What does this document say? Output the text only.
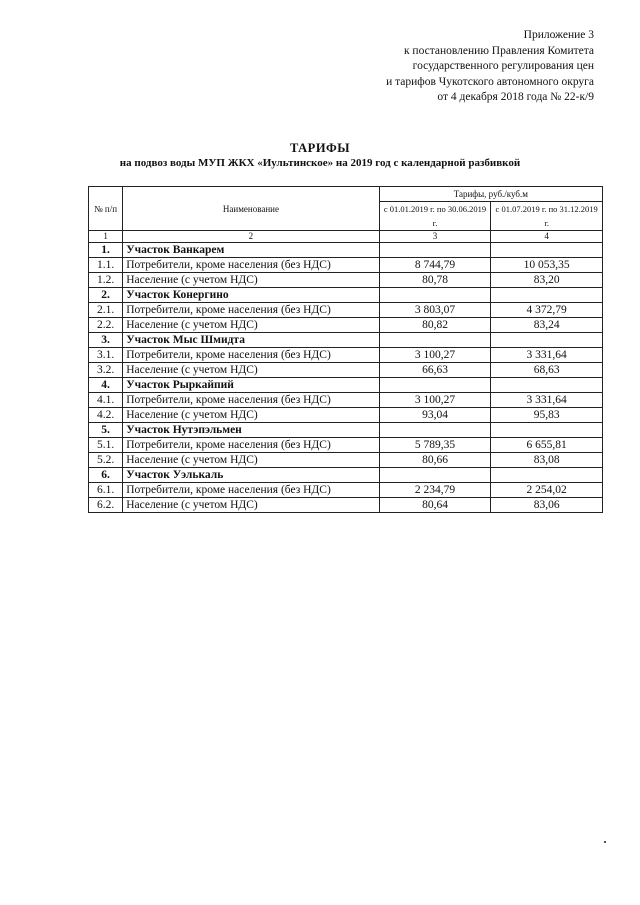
Приложение 3
к постановлению Правления Комитета
государственного регулирования цен
и тарифов Чукотского автономного округа
от 4 декабря 2018 года № 22-к/9
ТАРИФЫ
на подвоз воды МУП ЖКХ «Иультинское» на 2019 год с календарной разбивкой
№ п/п	Наименование	Тарифы, руб./куб.м	
		с 01.01.2019 г. по 30.06.2019 г.	с 01.07.2019 г. по 31.12.2019 г.
1	2	3	4
1.	Участок Ванкарем		
1.1.	Потребители, кроме населения (без НДС)	8 744,79	10 053,35
1.2.	Население (с учетом НДС)	80,78	83,20
2.	Участок Конергино		
2.1.	Потребители, кроме населения (без НДС)	3 803,07	4 372,79
2.2.	Население (с учетом НДС)	80,82	83,24
3.	Участок Мыс Шмидта		
3.1.	Потребители, кроме населения (без НДС)	3 100,27	3 331,64
3.2.	Население (с учетом НДС)	66,63	68,63
4.	Участок Рыркайпий		
4.1.	Потребители, кроме населения (без НДС)	3 100,27	3 331,64
4.2.	Население (с учетом НДС)	93,04	95,83
5.	Участок Нутэпэльмен		
5.1.	Потребители, кроме населения (без НДС)	5 789,35	6 655,81
5.2.	Население (с учетом НДС)	80,66	83,08
6.	Участок Уэлькаль		
6.1.	Потребители, кроме населения (без НДС)	2 234,79	2 254,02
6.2.	Население (с учетом НДС)	80,64	83,06
